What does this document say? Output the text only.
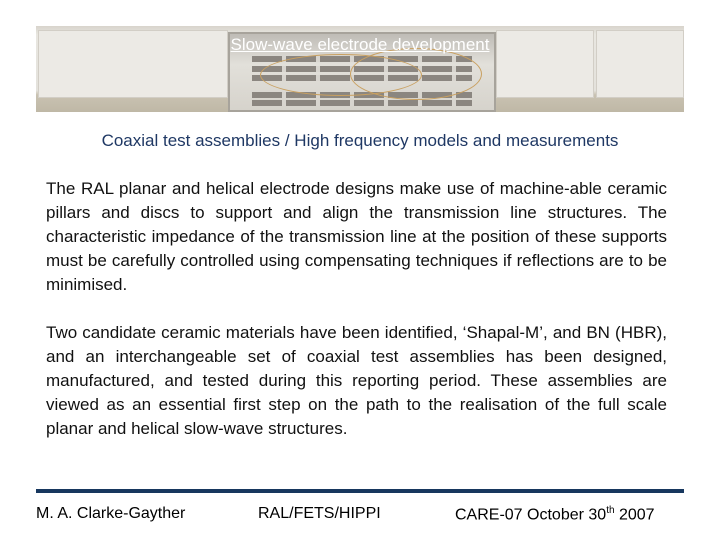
Slow-wave electrode development
Coaxial test assemblies / High frequency models and measurements
The RAL planar and helical electrode designs make use of machine-able ceramic pillars and discs to support and align the transmission line structures. The characteristic impedance of the transmission line at the position of these supports must be carefully controlled using compensating techniques if reflections are to be minimised.
Two candidate ceramic materials have been identified, ‘Shapal-M’, and BN (HBR), and an interchangeable set of coaxial test assemblies has been designed, manufactured, and tested during this reporting period. These assemblies are viewed as an essential first step on the path to the realisation of the full scale planar and helical slow-wave structures.
M. A. Clarke-Gayther	RAL/FETS/HIPPI	CARE-07 October 30th 2007
